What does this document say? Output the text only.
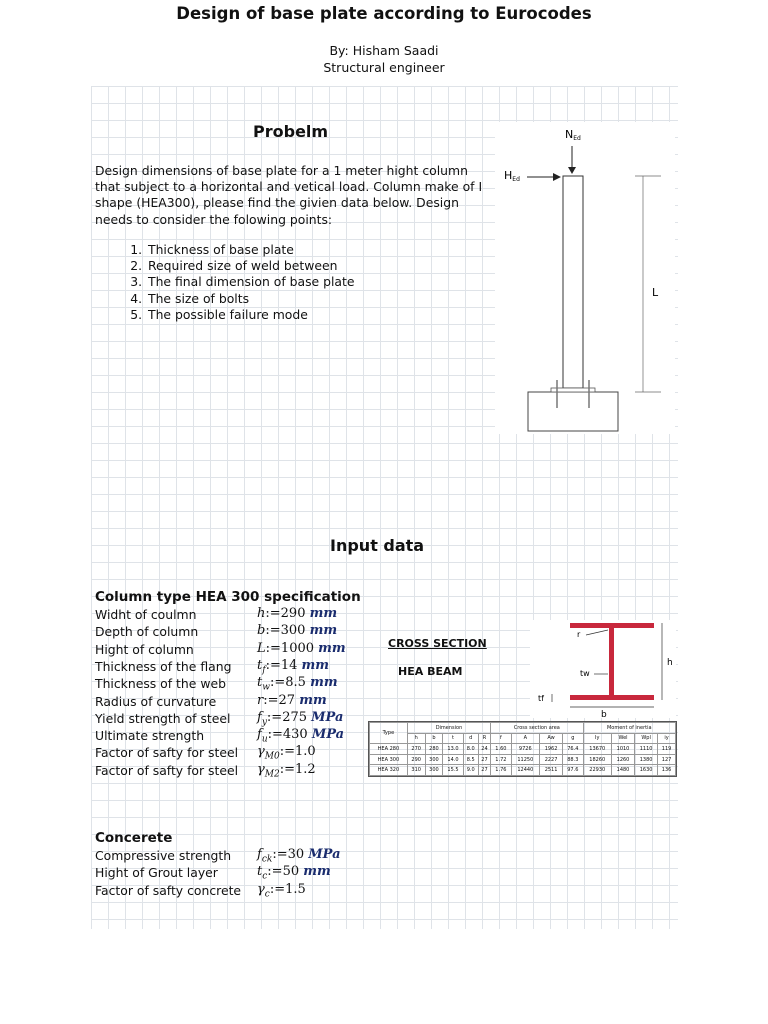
Design of base plate according to Eurocodes
By: Hisham Saadi
Structural engineer
Probelm
Design dimensions of base plate for a 1 meter hight column that subject to a horizontal and vetical load. Column make of I shape (HEA300), please find the givien data below. Design needs to consider the folowing points:
1. Thickness of base plate
2. Required size of weld between
3. The final dimension of base plate
4. The size of bolts
5. The possible failure mode
NEd
HEd
L
Input data
Column type HEA 300 specification
Widht of coulmn	h:=290 mm
Depth of column	b:=300 mm
Hight of column	L:=1000 mm
Thickness of the flang $t_f:=14$ mm
Thickness of the web $t_w:=8.5$ mm
Radius of curvature	r:=27 mm
Yield strength of steel $f_y:=275$ MPa
Ultimate strength	$f_u:=430$ MPa
Factor of safty for steel $\gamma_{M0}:=1.0$
Factor of safty for steel $\gamma_{M2}:=1.2$
Concerete
Compressive strength $f_{ck}:=30$ MPa
Hight of Grout layer	$t_c:=50$ mm
Factor of safty concrete $\gamma_c:=1.5$
CROSS SECTION
HEA BEAM
h
b
r
tw
tf
Type	Dimension					Cross section area				Moment of inertia			
	h	b	t	d	R	f	A	Aw	g	Iy	Wel	Wpl	iy
HEA 280	270	280	13.0	8.0	24	1.60	9726	1962	76.4	13670	1010	1110	119
HEA 300	290	300	14.0	8.5	27	1.72	11250	2227	88.3	18260	1260	1380	127
HEA 320	310	300	15.5	9.0	27	1.76	12440	2511	97.6	22930	1480	1630	136
